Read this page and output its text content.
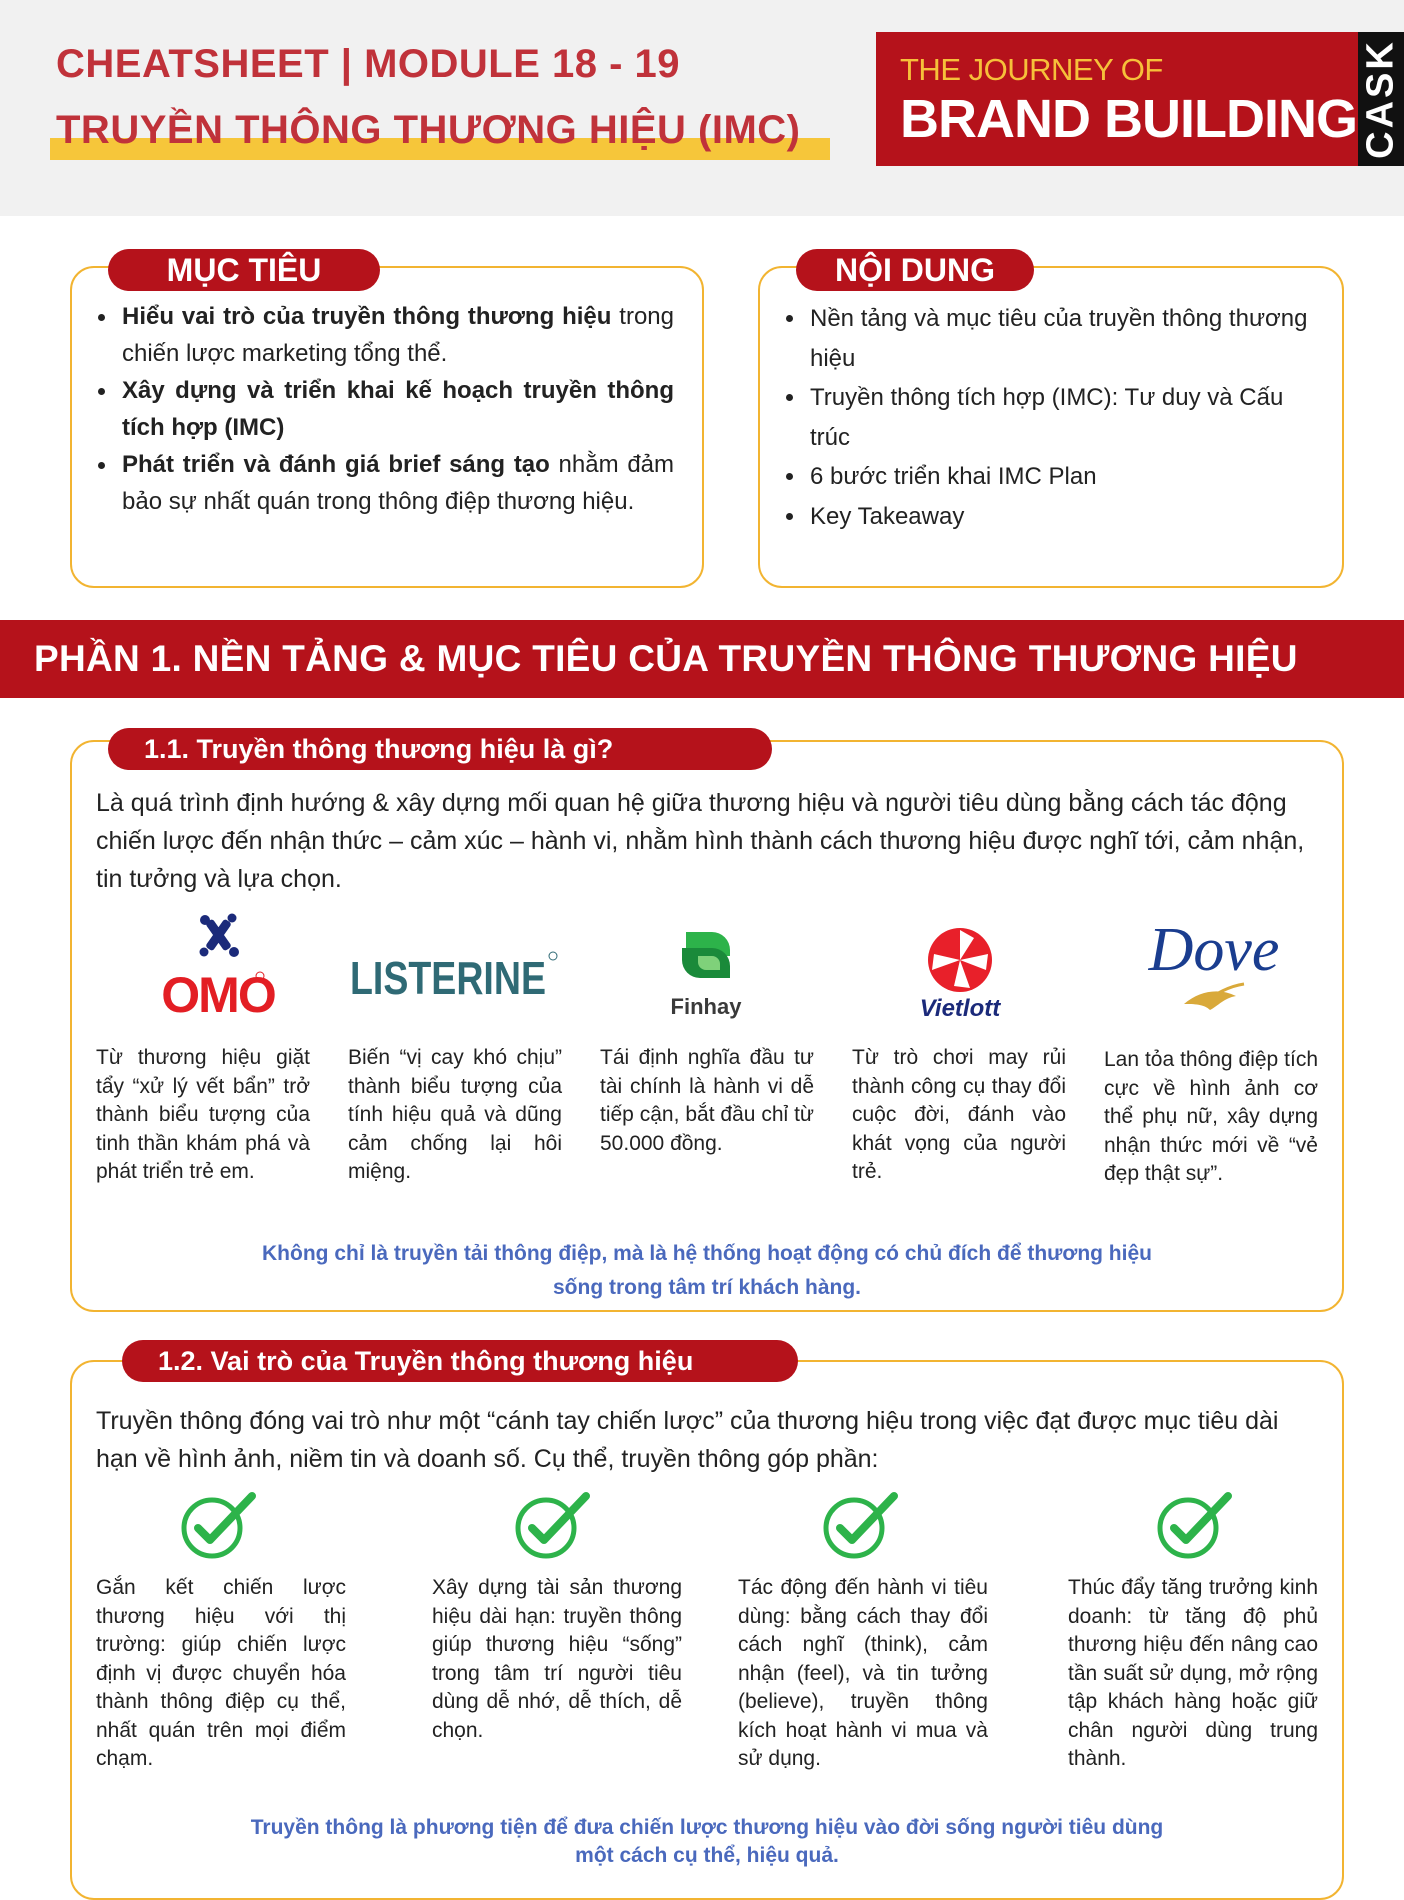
CHEATSHEET | MODULE 18 - 19
TRUYỀN THÔNG THƯƠNG HIỆU (IMC)
THE JOURNEY OF
BRAND BUILDING CASK
Hiểu vai trò của truyền thông thương hiệu trong chiến lược marketing tổng thể.
Xây dựng và triển khai kế hoạch truyền thông tích hợp (IMC)
Phát triển và đánh giá brief sáng tạo nhằm đảm bảo sự nhất quán trong thông điệp thương hiệu.
MỤC TIÊU
Nền tảng và mục tiêu của truyền thông thương hiệu
Truyền thông tích hợp (IMC): Tư duy và Cấu trúc
6 bước triển khai IMC Plan
Key Takeaway
NỘI DUNG
PHẦN 1. NỀN TẢNG & MỤC TIÊU CỦA TRUYỀN THÔNG THƯƠNG HIỆU
1.1. Truyền thông thương hiệu là gì?
Là quá trình định hướng & xây dựng mối quan hệ giữa thương hiệu và người tiêu dùng bằng cách tác động chiến lược đến nhận thức – cảm xúc – hành vi, nhằm hình thành cách thương hiệu được nghĩ tới, cảm nhận, tin tưởng và lựa chọn.
OMO LISTERINE
Finhay	Vietlott
Dove
Từ thương hiệu giặt tẩy “xử lý vết bẩn” trở thành biểu tượng của tinh thần khám phá và phát triển trẻ em.
Biến “vị cay khó chịu” thành biểu tượng của tính hiệu quả và dũng cảm chống lại hôi miệng.
Tái định nghĩa đầu tư tài chính là hành vi dễ tiếp cận, bắt đầu chỉ từ 50.000 đồng.
Từ trò chơi may rủi thành công cụ thay đổi cuộc đời, đánh vào khát vọng của người trẻ.
Lan tỏa thông điệp tích cực về hình ảnh cơ thể phụ nữ, xây dựng nhận thức mới về “vẻ đẹp thật sự”.
Không chỉ là truyền tải thông điệp, mà là hệ thống hoạt động có chủ đích để thương hiệu
sống trong tâm trí khách hàng.
1.2. Vai trò của Truyền thông thương hiệu
Truyền thông đóng vai trò như một “cánh tay chiến lược” của thương hiệu trong việc đạt được mục tiêu dài hạn về hình ảnh, niềm tin và doanh số. Cụ thể, truyền thông góp phần:
Gắn kết chiến lược thương hiệu với thị trường: giúp chiến lược định vị được chuyển hóa thành thông điệp cụ thể, nhất quán trên mọi điểm chạm.
Xây dựng tài sản thương hiệu dài hạn: truyền thông giúp thương hiệu “sống” trong tâm trí người tiêu dùng dễ nhớ, dễ thích, dễ chọn.
Tác động đến hành vi tiêu dùng: bằng cách thay đổi cách nghĩ (think), cảm nhận (feel), và tin tưởng (believe), truyền thông kích hoạt hành vi mua và sử dụng.
Thúc đẩy tăng trưởng kinh doanh: từ tăng độ phủ thương hiệu đến nâng cao tần suất sử dụng, mở rộng tập khách hàng hoặc giữ chân người dùng trung thành.
Truyền thông là phương tiện để đưa chiến lược thương hiệu vào đời sống người tiêu dùng
một cách cụ thể, hiệu quả.
